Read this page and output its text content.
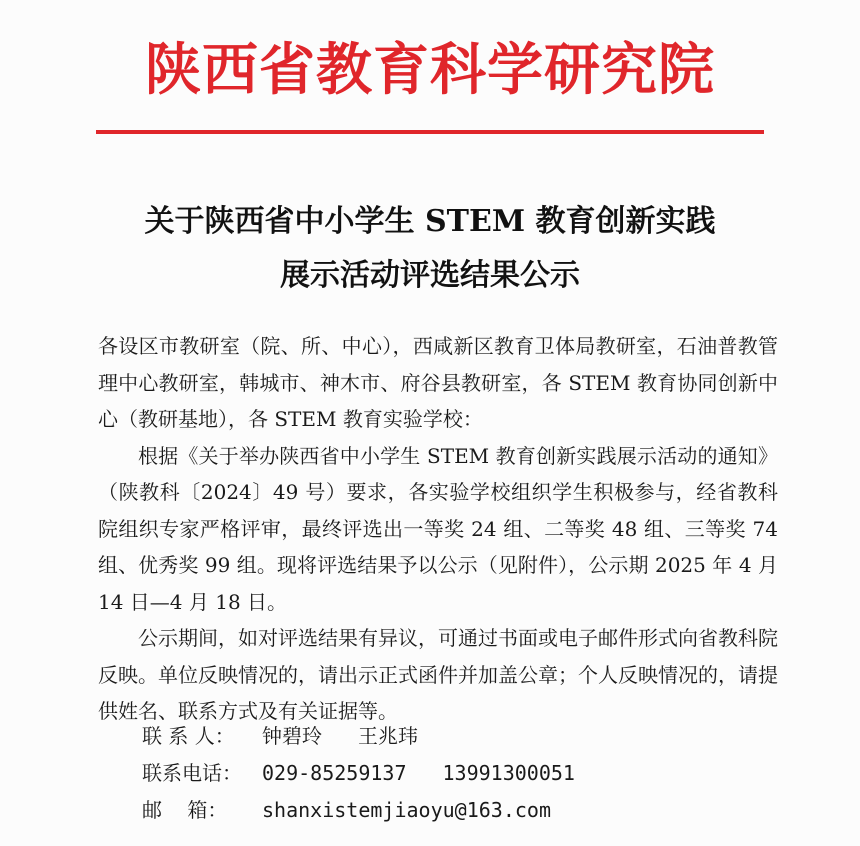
陕西省教育科学研究院
关于陕西省中小学生 STEM 教育创新实践
展示活动评选结果公示

各设区市教研室（院、所、中心），西咸新区教育卫体局教研室，石油普教管理中心教研室，韩城市、神木市、府谷县教研室，各 STEM 教育协同创新中心（教研基地），各 STEM 教育实验学校：

根据《关于举办陕西省中小学生 STEM 教育创新实践展示活动的通知》（陕教科〔2024〕49 号）要求，各实验学校组织学生积极参与，经省教科院组织专家严格评审，最终评选出一等奖 24 组、二等奖 48 组、三等奖 74 组、优秀奖 99 组。现将评选结果予以公示（见附件），公示期 2025 年 4 月 14 日—4 月 18 日。

公示期间，如对评选结果有异议，可通过书面或电子邮件形式向省教科院反映。单位反映情况的，请出示正式函件并加盖公章；个人反映情况的，请提供姓名、联系方式及有关证据等。

联 系 人：	钟碧玲 王兆玮
联系电话：	029-85259137 13991300051
邮    箱：	shanxistemjiaoyu@163.com
